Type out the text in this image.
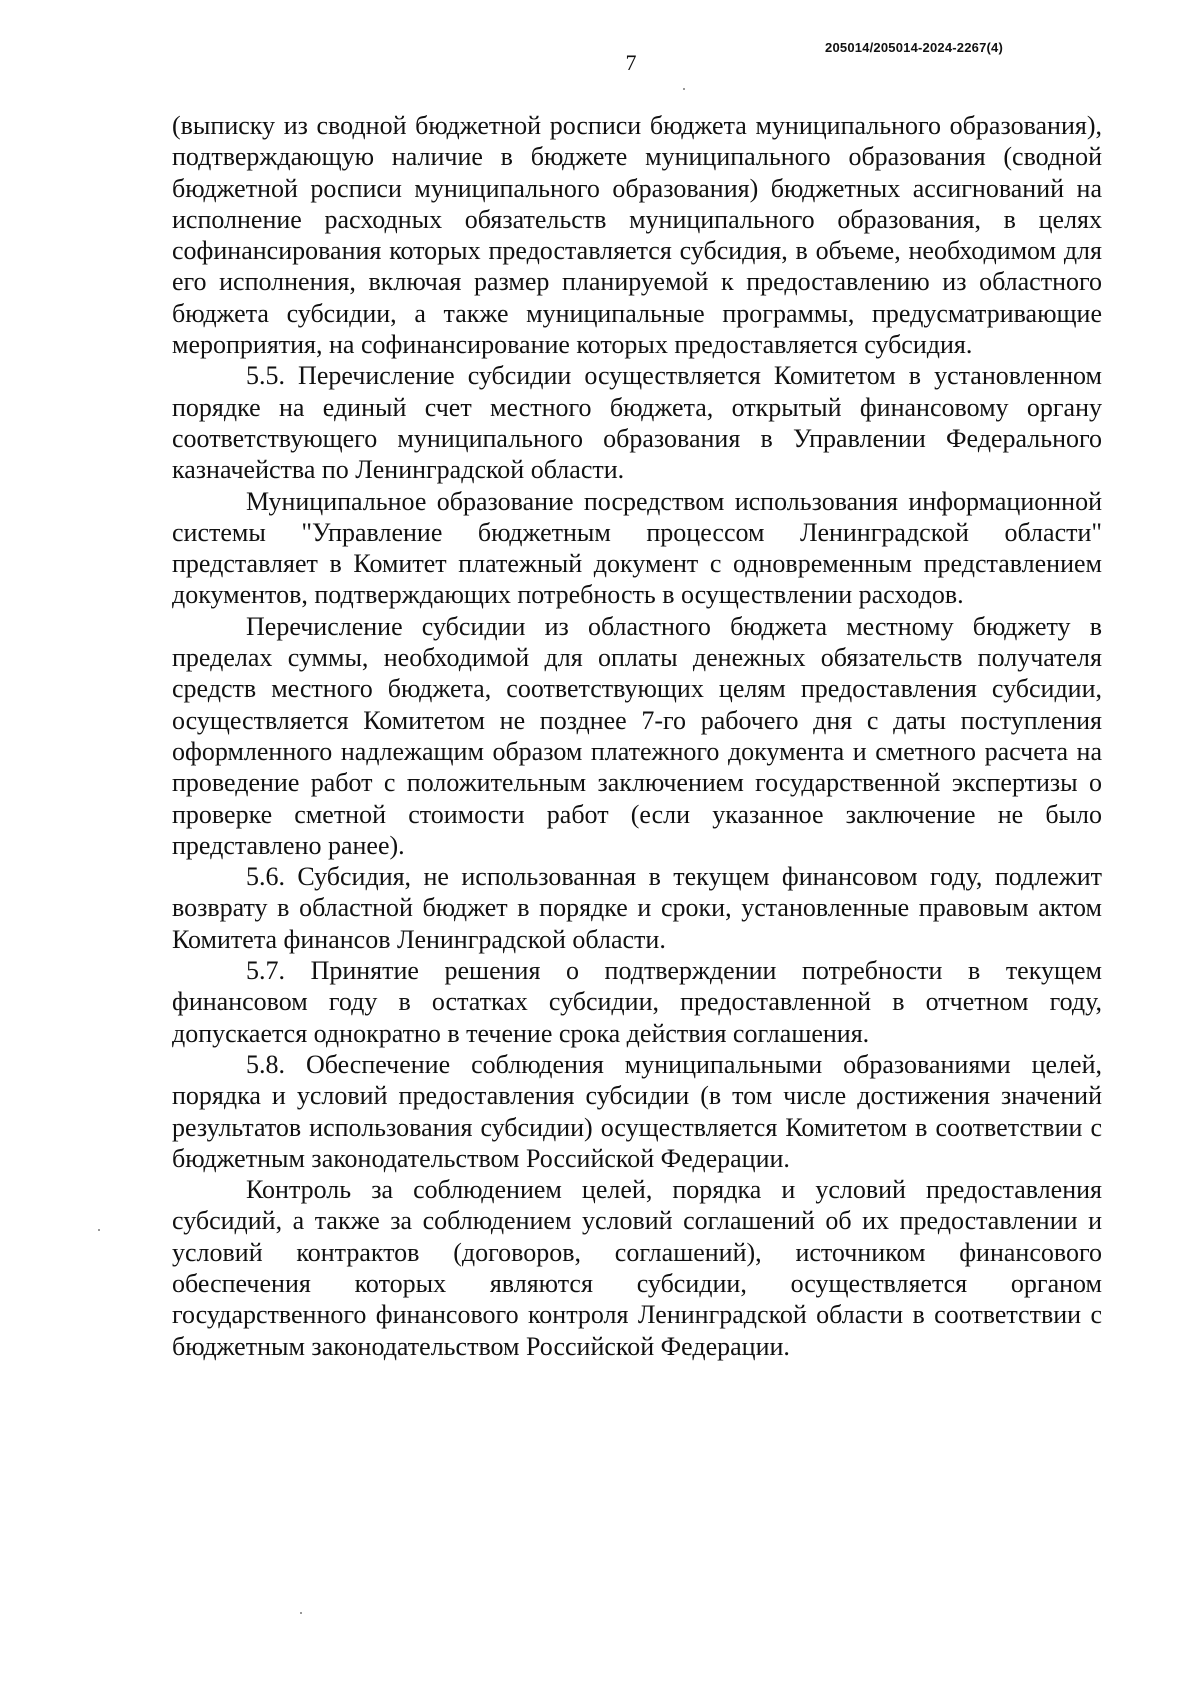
205014/205014-2024-2267(4)
7

(выписку из сводной бюджетной росписи бюджета муниципального образования), подтверждающую наличие в бюджете муниципального образования (сводной бюджетной росписи муниципального образования) бюджетных ассигнований на исполнение расходных обязательств муниципального образования, в целях софинансирования которых предоставляется субсидия, в объеме, необходимом для его исполнения, включая размер планируемой к предоставлению из областного бюджета субсидии, а также муниципальные программы, предусматривающие мероприятия, на софинансирование которых предоставляется субсидия.

5.5. Перечисление субсидии осуществляется Комитетом в установленном порядке на единый счет местного бюджета, открытый финансовому органу соответствующего муниципального образования в Управлении Федерального казначейства по Ленинградской области.

Муниципальное образование посредством использования информационной системы "Управление бюджетным процессом Ленинградской области" представляет в Комитет платежный документ с одновременным представлением документов, подтверждающих потребность в осуществлении расходов.

Перечисление субсидии из областного бюджета местному бюджету в пределах суммы, необходимой для оплаты денежных обязательств получателя средств местного бюджета, соответствующих целям предоставления субсидии, осуществляется Комитетом не позднее 7-го рабочего дня с даты поступления оформленного надлежащим образом платежного документа и сметного расчета на проведение работ с положительным заключением государственной экспертизы о проверке сметной стоимости работ (если указанное заключение не было представлено ранее).

5.6. Субсидия, не использованная в текущем финансовом году, подлежит возврату в областной бюджет в порядке и сроки, установленные правовым актом Комитета финансов Ленинградской области.

5.7. Принятие решения о подтверждении потребности в текущем финансовом году в остатках субсидии, предоставленной в отчетном году, допускается однократно в течение срока действия соглашения.

5.8. Обеспечение соблюдения муниципальными образованиями целей, порядка и условий предоставления субсидии (в том числе достижения значений результатов использования субсидии) осуществляется Комитетом в соответствии с бюджетным законодательством Российской Федерации.

Контроль за соблюдением целей, порядка и условий предоставления субсидий, а также за соблюдением условий соглашений об их предоставлении и условий контрактов (договоров, соглашений), источником финансового обеспечения которых являются субсидии, осуществляется органом государственного финансового контроля Ленинградской области в соответствии с бюджетным законодательством Российской Федерации.
